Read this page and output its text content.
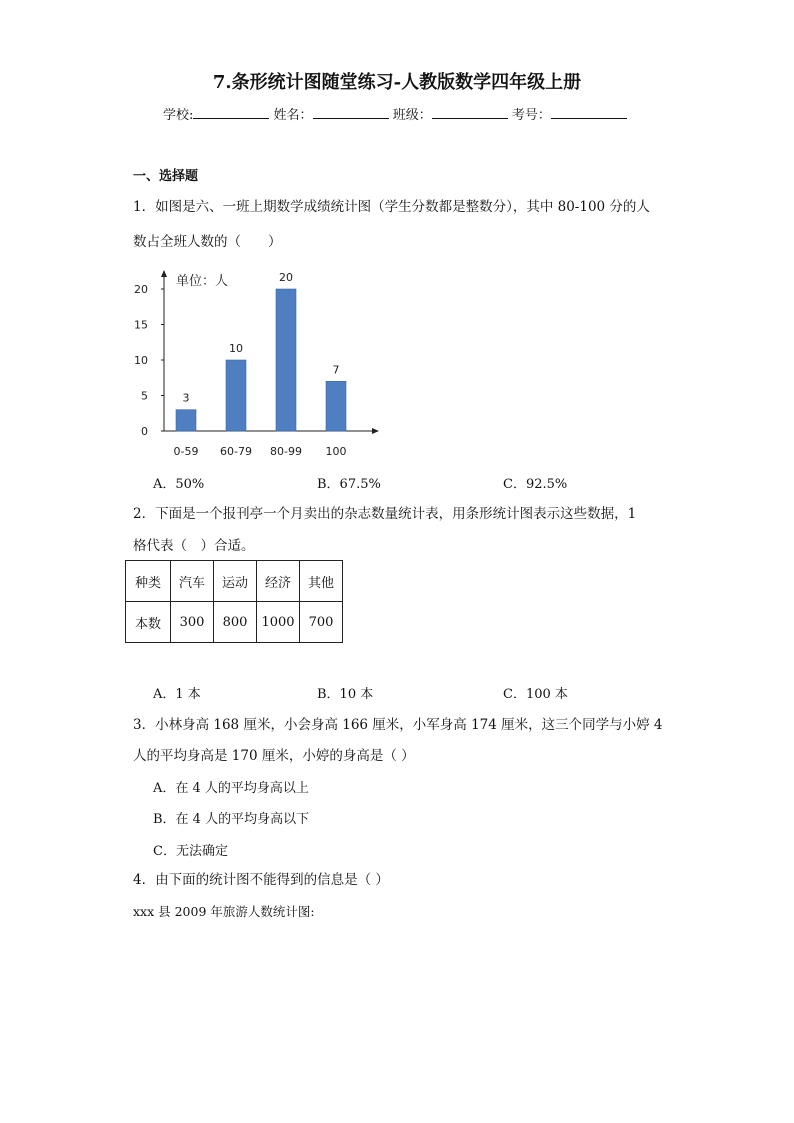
7.条形统计图随堂练习-人教版数学四年级上册
学校:	姓名：	班级：	考号：
一、选择题
1．如图是六、一班上期数学成绩统计图（学生分数都是整数分），其中 80-100 分的人
数占全班人数的（　　）
单位：人
0
5
10
15
20
3
0-59
10
60-79
20
80-99
7
100
A．50%	B．67.5%	C．92.5%
2．下面是一个报刊亭一个月卖出的杂志数量统计表，用条形统计图表示这些数据，1
格代表（　）合适。
种类	汽车	运动	经济	其他
本数	300	800	1000	700
A．1 本	B．10 本	C．100 本
3．小林身高 168 厘米，小会身高 166 厘米，小军身高 174 厘米，这三个同学与小婷 4
人的平均身高是 170 厘米，小婷的身高是（ ）
A．在 4 人的平均身高以上
B．在 4 人的平均身高以下
C．无法确定
4．由下面的统计图不能得到的信息是（ ）
xxx 县 2009 年旅游人数统计图:
